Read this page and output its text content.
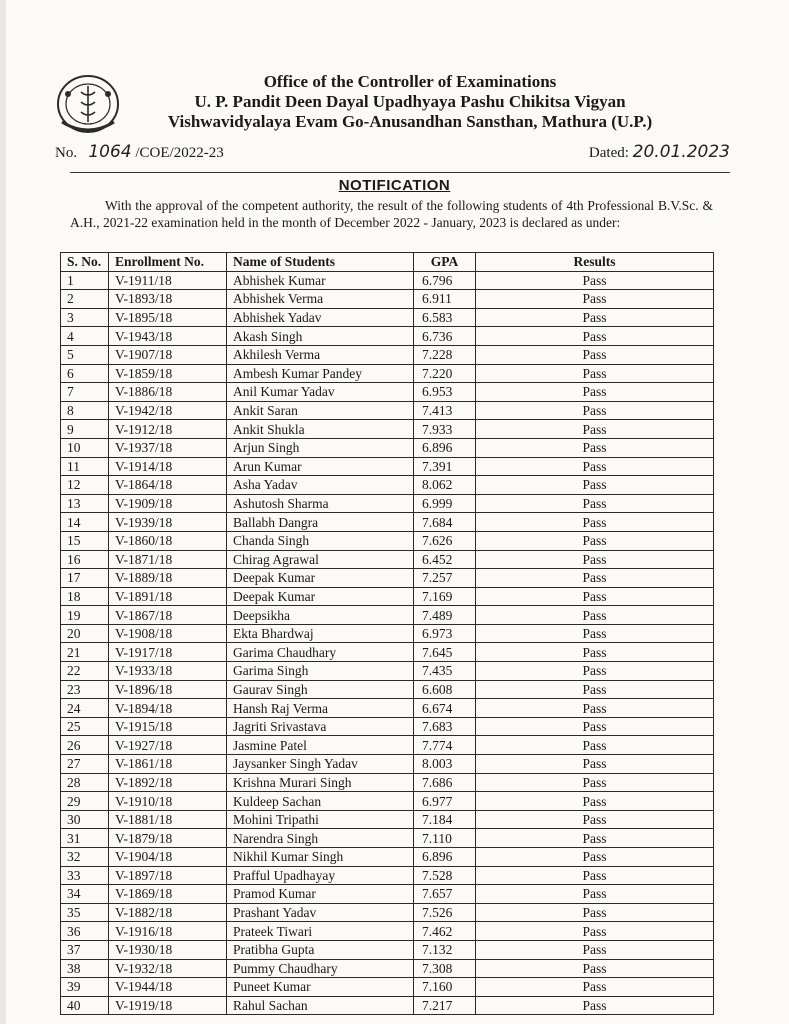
Office of the Controller of Examinations
U. P. Pandit Deen Dayal Upadhyaya Pashu Chikitsa Vigyan
Vishwavidyalaya Evam Go-Anusandhan Sansthan, Mathura (U.P.)
No. 1064 /COE/2022-23	Dated: 20.01.2023
NOTIFICATION
With the approval of the competent authority, the result of the following students of 4th Professional B.V.Sc. & A.H., 2021-22 examination held in the month of December 2022 - January, 2023 is declared as under:
S. No.	Enrollment No.	Name of Students	GPA	Results
1	V-1911/18	Abhishek Kumar	6.796	Pass
2	V-1893/18	Abhishek Verma	6.911	Pass
3	V-1895/18	Abhishek Yadav	6.583	Pass
4	V-1943/18	Akash Singh	6.736	Pass
5	V-1907/18	Akhilesh Verma	7.228	Pass
6	V-1859/18	Ambesh Kumar Pandey	7.220	Pass
7	V-1886/18	Anil Kumar Yadav	6.953	Pass
8	V-1942/18	Ankit Saran	7.413	Pass
9	V-1912/18	Ankit Shukla	7.933	Pass
10	V-1937/18	Arjun Singh	6.896	Pass
11	V-1914/18	Arun Kumar	7.391	Pass
12	V-1864/18	Asha Yadav	8.062	Pass
13	V-1909/18	Ashutosh Sharma	6.999	Pass
14	V-1939/18	Ballabh Dangra	7.684	Pass
15	V-1860/18	Chanda Singh	7.626	Pass
16	V-1871/18	Chirag Agrawal	6.452	Pass
17	V-1889/18	Deepak Kumar	7.257	Pass
18	V-1891/18	Deepak Kumar	7.169	Pass
19	V-1867/18	Deepsikha	7.489	Pass
20	V-1908/18	Ekta Bhardwaj	6.973	Pass
21	V-1917/18	Garima Chaudhary	7.645	Pass
22	V-1933/18	Garima Singh	7.435	Pass
23	V-1896/18	Gaurav Singh	6.608	Pass
24	V-1894/18	Hansh Raj Verma	6.674	Pass
25	V-1915/18	Jagriti Srivastava	7.683	Pass
26	V-1927/18	Jasmine Patel	7.774	Pass
27	V-1861/18	Jaysanker Singh Yadav	8.003	Pass
28	V-1892/18	Krishna Murari Singh	7.686	Pass
29	V-1910/18	Kuldeep Sachan	6.977	Pass
30	V-1881/18	Mohini Tripathi	7.184	Pass
31	V-1879/18	Narendra Singh	7.110	Pass
32	V-1904/18	Nikhil Kumar Singh	6.896	Pass
33	V-1897/18	Prafful Upadhayay	7.528	Pass
34	V-1869/18	Pramod Kumar	7.657	Pass
35	V-1882/18	Prashant Yadav	7.526	Pass
36	V-1916/18	Prateek Tiwari	7.462	Pass
37	V-1930/18	Pratibha Gupta	7.132	Pass
38	V-1932/18	Pummy Chaudhary	7.308	Pass
39	V-1944/18	Puneet Kumar	7.160	Pass
40	V-1919/18	Rahul Sachan	7.217	Pass
